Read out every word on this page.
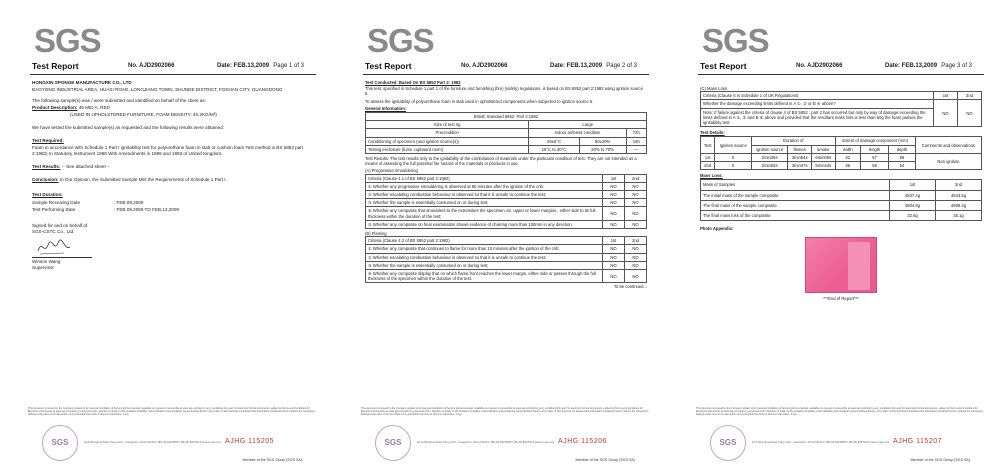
SGS
Test Report	No. AJD2902066	Date: FEB.13,2009 Page 1 of 3

HONGXIN SPONGE MANUFACTURE CO., LTD

BAOYONG INDUSTRIAL AREA, HUAXI ROAD, LONGJIANG TOWN, SHUNDE DISTRICT, FOSHAN CITY, GUANGDONG

The following sample(s) was / were submitted and identified on behalf of the client as:

Product Description: 45 MID A, RED

(USED IN UPHOLSTERED FURNITURE, FOAM DENSITY: 40.2KG/M³)

We have tested the submitted sample(s) as requested and the following results were obtained:

Test Required:

Foam in accordance with Schedule 1 Part I ignitability test for polyurethane foam in slab or cushion foam Test method is BS 5852 part 2:1982) In Statutory Instrument 1988 With Amendments in 1989 and 1993 of United Kingdom.

Test Results: -- See attached sheet --

Conclusion: In Our Opinion, the Submitted Sample Met the Requirements of Schedule 1 Part I.

Test Duration:

Sample Receiving Date	: FEB.09,2009

Test Performing Date	: FEB.09,2009 TO FEB.13,2009

Signed for and on behalf of

SGS-CSTC Co., Ltd.

Winson Wang

Supervisor

This document is issued by the Company subject to its General Conditions of Service printed overleaf, available on request or accessible at www.sgs.com/terms_and_conditions.htm and, for electronic format documents, subject to Terms and Conditions for Electronic Documents at www.sgs.com/terms_e-document.htm. Attention is drawn to the limitation of liability, indemnification and jurisdiction issues defined therein. Any holder of this document is advised that information contained hereon reflects the Company's findings at the time of its intervention only and within the limits of Client's instructions, if any.
SGS	No.8 Zhenghua Road, Panyu Dist., Guangzhou, China 511431 t (86-20) 82155555 f (86-20) 82075113 www.cn.sgs.com AJHG 115205
Member of the SGS Group (SGS SA)
SGS
Test Report	No. AJD2902066	Date: FEB.13,2009 Page 2 of 3

Test Conducted: Based On BS 5852 Part 2: 1982

This test, specified in Schedule 1 part 1 of the furniture and furnishing (fire) (safety) regulations, is based on BS 5852 part 2:1982 using ignition source 5.

To assess the ignitability of polyurethane foam in slab used in upholstered components when subjected to ignition source 5.

General Information:

British Standard 5852: Part 2:1982			
Size of test rig	Large		
Precondition	Indoor ambient condition		72h
Conditioning of specimen (and ignition source(s))	20±5°C	50±20%	16h
Testing enclosure (fume cupboard room)	15°C to 30°C	20% to 70%	—

Test Results: The test results only to the ignitability of the combination of materials under the particular condition of test. They are not intended as a means of assessing the full potential fire hazard of the materials or products in use.

(A) Progressive smouldering

Criteria (Clause 4.1 of BS 5852 part 2:1982)	1st	2nd
① Whether any progressive smouldering is observed at 60 minutes after the ignition of the crib;	NO	NO
② Whether escalating combustion behaviour is observed so that it is unsafe to continue the test;	NO	NO
③ Whether the sample is essentially consumed on or during test;	NO	NO
④ Whether any composite that smoulders to the extremities the specimen viz. upper or lower margins , either side to its full thickness within the duration of the test;	NO	NO
⑤ Whether any composite on final examination shows evidence of charring more than 100mm in any direction.	NO	NO

(B) Flaming

Criteria (Clause 4.2 of BS 5852 part 2:1982)	1st	2nd
① Whether any composite that continues to flame for more than 10 minutes after the ignition of the crib;	NO	NO
② Whether escalating combustion behaviour is observed so that it is unsafe to continue the test;	NO	NO
③ Whether the sample is essentially consumed on or during test;	NO	NO
④ Whether any composite display that on which flame front reaches the lower margin, either side or passes through the full thickness of the specimen within the duration of the test.	NO	NO

To be continued...

This document is issued by the Company subject to its General Conditions of Service printed overleaf, available on request or accessible at www.sgs.com/terms_and_conditions.htm and, for electronic format documents, subject to Terms and Conditions for Electronic Documents at www.sgs.com/terms_e-document.htm. Attention is drawn to the limitation of liability, indemnification and jurisdiction issues defined therein. Any holder of this document is advised that information contained hereon reflects the Company's findings at the time of its intervention only and within the limits of Client's instructions, if any.
SGS	No.8 Zhenghua Road, Panyu Dist., Guangzhou, China 511431 t (86-20) 82155555 f (86-20) 82075113 www.cn.sgs.com AJHG 115206
Member of the SGS Group (SGS SA)
SGS
Test Report	No. AJD2902066	Date: FEB.13,2009 Page 3 of 3

(C) Mass Loss

Criteria (Clause 6 in Schedule 1 of UK Regulations)	1st	2nd
Whether the damage exceeding limits defined in A ①, ② or B ④ above?	NO	NO
Note: If failure against the criteria of clause 4 of BS 5852 : part 2 has occurred but only by way of damage exceeding the limits defined in A ①, ② and B ④ above and provided that the resultant mass loss is less than 60g the foam passes the ignitability test.		

Test Details:

Test	Ignition source	Duration of			Extent of damage component (mm)			Comments and observations
		ignition source	flames	smoke	width	length	depth	
1st	5	2min36s	3min54s	6min09s	52	57	58	Non ignition
2nd	5	2min52s	3min47s	5min44s	56	58	54	

Mass Loss:

Mass of Samples	1st	2nd
The initial mass of the sample composite	4837.4g	4843.5g
The final mass of the sample composite	4804.8g	4808.4g
The final mass loss of the composite	32.6g	35.1g

Photo Appendix:

***End of Report***

This document is issued by the Company subject to its General Conditions of Service printed overleaf, available on request or accessible at www.sgs.com/terms_and_conditions.htm and, for electronic format documents, subject to Terms and Conditions for Electronic Documents at www.sgs.com/terms_e-document.htm. Attention is drawn to the limitation of liability, indemnification and jurisdiction issues defined therein. Any holder of this document is advised that information contained hereon reflects the Company's findings at the time of its intervention only and within the limits of Client's instructions, if any.
SGS	No.8 Zhenghua Road, Panyu Dist., Guangzhou, China 511431 t (86-20) 82155555 f (86-20) 82075113 www.cn.sgs.com AJHG 115207
Member of the SGS Group (SGS SA)
